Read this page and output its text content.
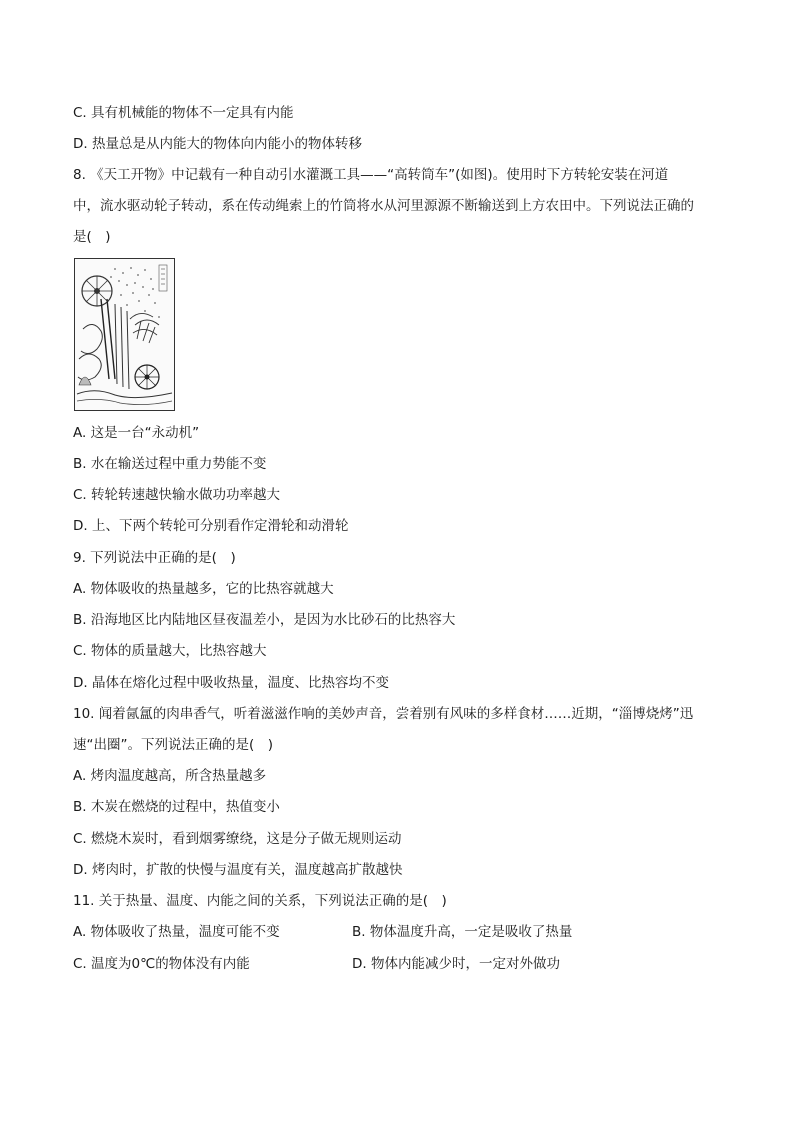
C. 具有机械能的物体不一定具有内能
D. 热量总是从内能大的物体向内能小的物体转移
8. 《天工开物》中记载有一种自动引水灌溉工具——“高转筒车”(如图)。使用时下方转轮安装在河道
中，流水驱动轮子转动，系在传动绳索上的竹筒将水从河里源源不断输送到上方农田中。下列说法正确的
是(　)
A. 这是一台“永动机”
B. 水在输送过程中重力势能不变
C. 转轮转速越快输水做功功率越大
D. 上、下两个转轮可分别看作定滑轮和动滑轮
9. 下列说法中正确的是(　)
A. 物体吸收的热量越多，它的比热容就越大
B. 沿海地区比内陆地区昼夜温差小，是因为水比砂石的比热容大
C. 物体的质量越大，比热容越大
D. 晶体在熔化过程中吸收热量，温度、比热容均不变
10. 闻着氤氲的肉串香气，听着滋滋作响的美妙声音，尝着别有风味的多样食材……近期，“淄博烧烤”迅
速“出圈”。下列说法正确的是(　)
A. 烤肉温度越高，所含热量越多
B. 木炭在燃烧的过程中，热值变小
C. 燃烧木炭时，看到烟雾缭绕，这是分子做无规则运动
D. 烤肉时，扩散的快慢与温度有关，温度越高扩散越快
11. 关于热量、温度、内能之间的关系，下列说法正确的是(　)
A. 物体吸收了热量，温度可能不变	B. 物体温度升高，一定是吸收了热量
C. 温度为0℃的物体没有内能	D. 物体内能减少时，一定对外做功
